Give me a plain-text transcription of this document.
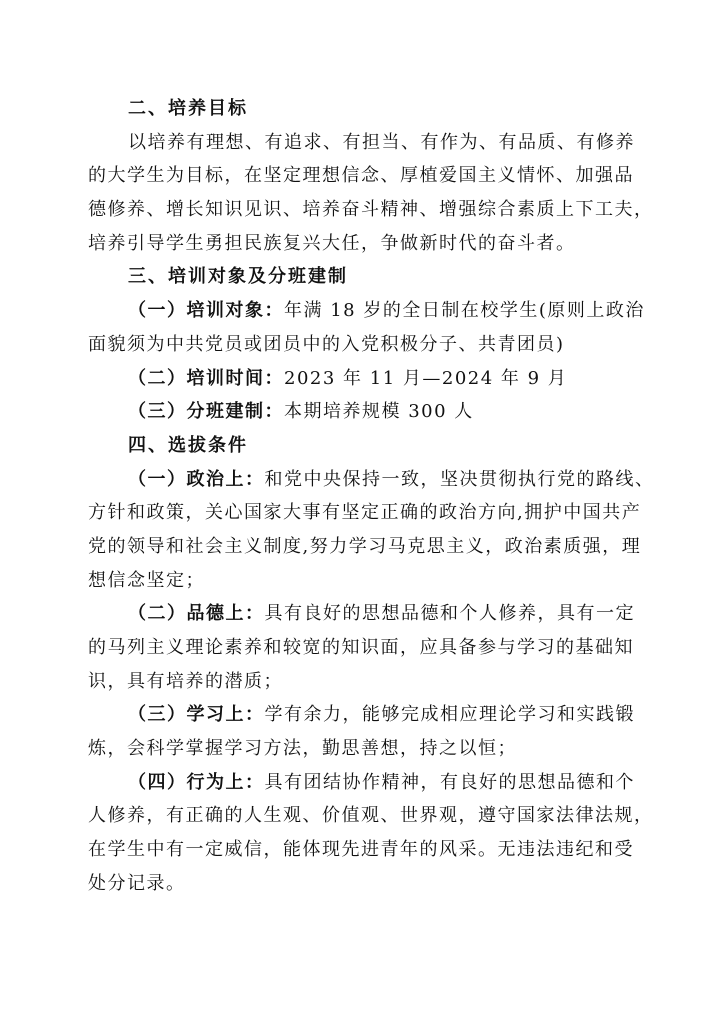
二、培养目标
以培养有理想、有追求、有担当、有作为、有品质、有修养
的大学生为目标，在坚定理想信念、厚植爱国主义情怀、加强品
德修养、增长知识见识、培养奋斗精神、增强综合素质上下工夫，
培养引导学生勇担民族复兴大任，争做新时代的奋斗者。
三、培训对象及分班建制
（一）培训对象：年满 18 岁的全日制在校学生(原则上政治
面貌须为中共党员或团员中的入党积极分子、共青团员)
（二）培训时间：2023 年 11 月—2024 年 9 月
（三）分班建制：本期培养规模 300 人
四、选拔条件
（一）政治上：和党中央保持一致，坚决贯彻执行党的路线、
方针和政策，关心国家大事有坚定正确的政治方向,拥护中国共产
党的领导和社会主义制度,努力学习马克思主义，政治素质强，理
想信念坚定；
（二）品德上：具有良好的思想品德和个人修养，具有一定
的马列主义理论素养和较宽的知识面，应具备参与学习的基础知
识，具有培养的潜质；
（三）学习上：学有余力，能够完成相应理论学习和实践锻
炼，会科学掌握学习方法，勤思善想，持之以恒；
（四）行为上：具有团结协作精神，有良好的思想品德和个
人修养，有正确的人生观、价值观、世界观，遵守国家法律法规，
在学生中有一定威信，能体现先进青年的风采。无违法违纪和受
处分记录。
